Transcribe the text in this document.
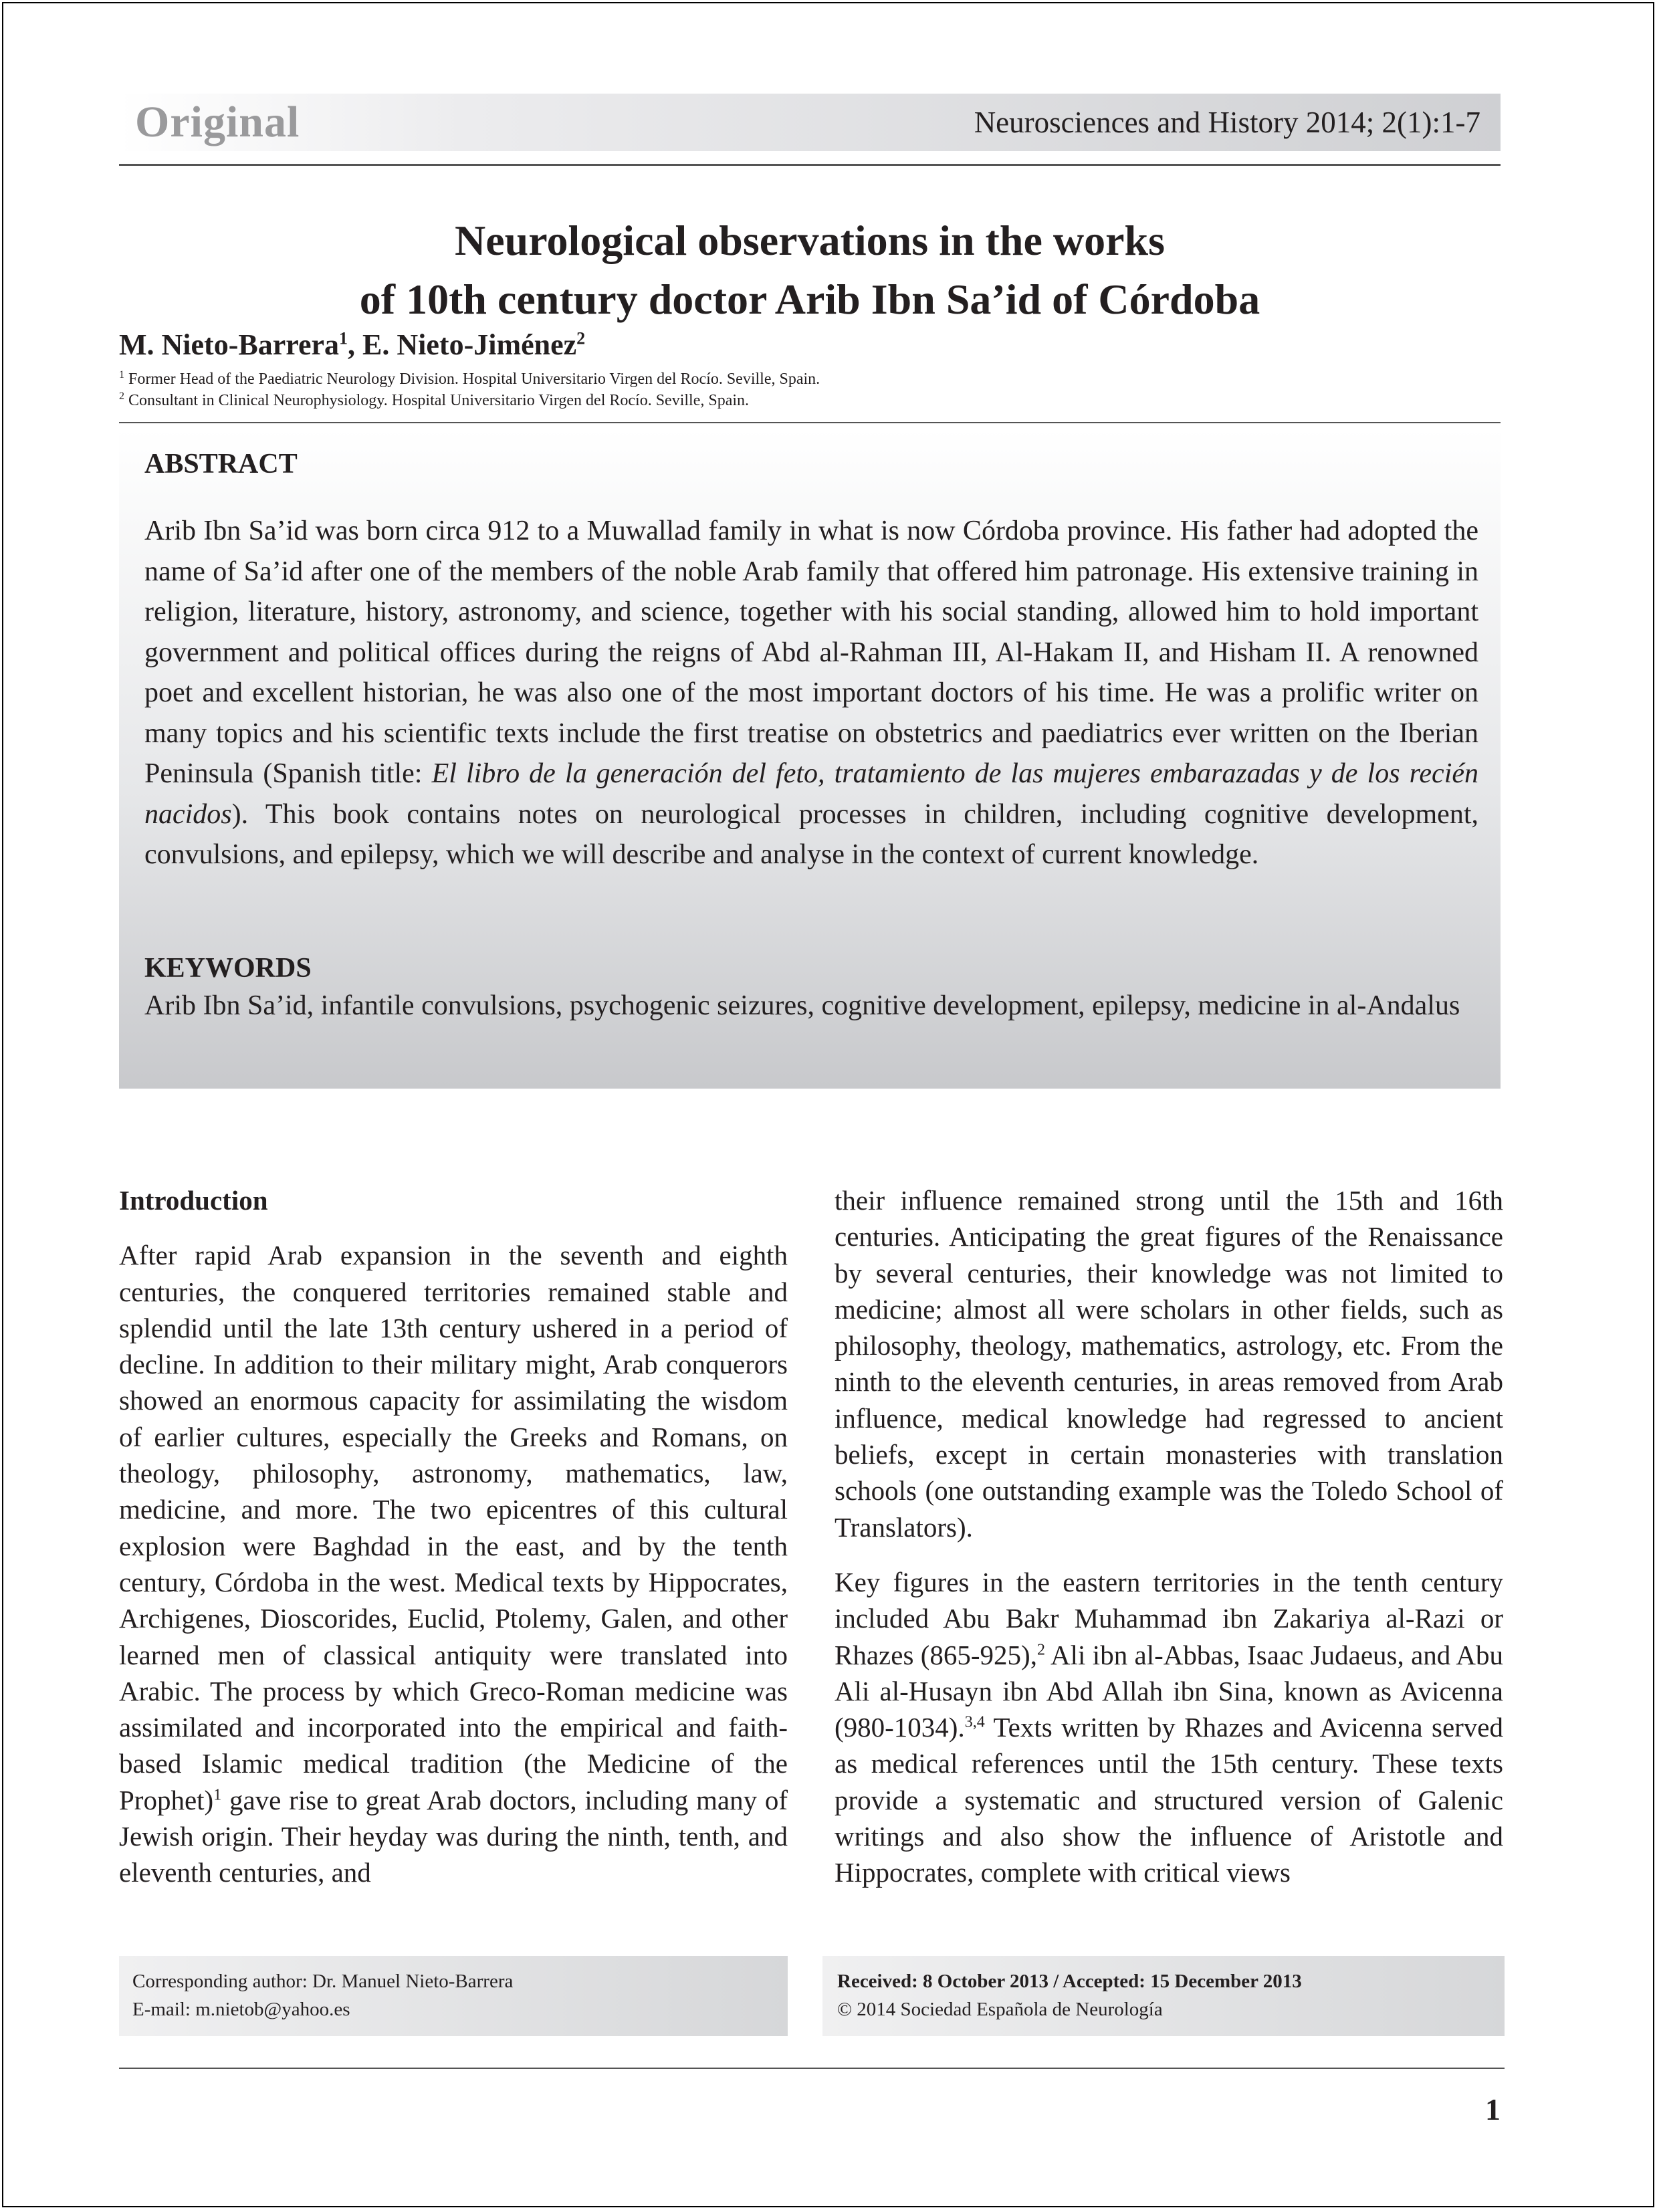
Original	Neurosciences and History 2014; 2(1):1-7
Neurological observations in the works
of 10th century doctor Arib Ibn Sa’id of Córdoba
M. Nieto-Barrera$^1$, E. Nieto-Jiménez$^2$
$^1$ Former Head of the Paediatric Neurology Division. Hospital Universitario Virgen del Rocío. Seville, Spain.
$^2$ Consultant in Clinical Neurophysiology. Hospital Universitario Virgen del Rocío. Seville, Spain.
ABSTRACT
Arib Ibn Sa’id was born circa 912 to a Muwallad family in what is now Córdoba province. His father had adopted the name of Sa’id after one of the members of the noble Arab family that offered him patronage. His extensive training in religion, literature, history, astronomy, and science, together with his social standing, allowed him to hold important government and political offices during the reigns of Abd al-Rahman III, Al-Hakam II, and Hisham II. A renowned poet and excellent historian, he was also one of the most important doctors of his time. He was a prolific writer on many topics and his scientific texts include the first treatise on obstetrics and paediatrics ever written on the Iberian Peninsula (Spanish title: El libro de la generación del feto, tratamiento de las mujeres embarazadas y de los recién nacidos). This book contains notes on neurological processes in children, including cognitive development, convulsions, and epilepsy, which we will describe and analyse in the context of current knowledge.
KEYWORDS
Arib Ibn Sa’id, infantile convulsions, psychogenic seizures, cognitive development, epilepsy, medicine in al-Andalus

Introduction

After rapid Arab expansion in the seventh and eighth centuries, the conquered territories remained stable and splendid until the late 13th century ushered in a period of decline. In addition to their military might, Arab conquerors showed an enormous capacity for assimilating the wisdom of earlier cultures, especially the Greeks and Romans, on theology, philosophy, astronomy, mathematics, law, medicine, and more. The two epicentres of this cultural explosion were Baghdad in the east, and by the tenth century, Córdoba in the west. Medical texts by Hippocrates, Archigenes, Dioscorides, Euclid, Ptolemy, Galen, and other learned men of classical antiquity were translated into Arabic. The process by which Greco-Roman medicine was assimilated and incorporated into the empirical and faith-based Islamic medical tradition (the Medicine of the Prophet)$^1$ gave rise to great Arab doctors, including many of Jewish origin. Their heyday was during the ninth, tenth, and eleventh centuries, and

their influence remained strong until the 15th and 16th centuries. Anticipating the great figures of the Renaissance by several centuries, their knowledge was not limited to medicine; almost all were scholars in other fields, such as philosophy, theology, mathematics, astrology, etc. From the ninth to the eleventh centuries, in areas removed from Arab influence, medical knowledge had regressed to ancient beliefs, except in certain monasteries with translation schools (one outstanding example was the Toledo School of Translators).

Key figures in the eastern territories in the tenth century included Abu Bakr Muhammad ibn Zakariya al-Razi or Rhazes (865-925),$^2$ Ali ibn al-Abbas, Isaac Judaeus, and Abu Ali al-Husayn ibn Abd Allah ibn Sina, known as Avicenna (980-1034).$^{3,4}$ Texts written by Rhazes and Avicenna served as medical references until the 15th century. These texts provide a systematic and structured version of Galenic writings and also show the influence of Aristotle and Hippocrates, complete with critical views

Corresponding author: Dr. Manuel Nieto-Barrera
E-mail: m.nietob@yahoo.es
Received: 8 October 2013 / Accepted: 15 December 2013
© 2014 Sociedad Española de Neurología
1
